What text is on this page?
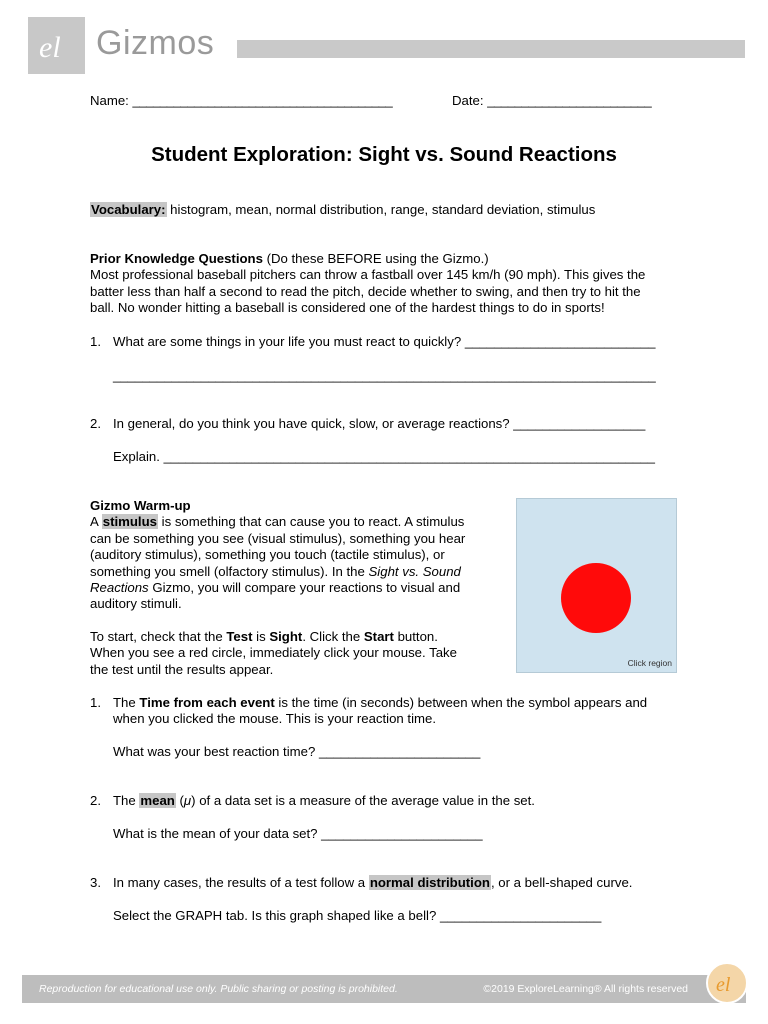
el Gizmos
Name: ______________________________________	Date: ________________________
Student Exploration: Sight vs. Sound Reactions
Vocabulary: histogram, mean, normal distribution, range, standard deviation, stimulus
Prior Knowledge Questions (Do these BEFORE using the Gizmo.)
Most professional baseball pitchers can throw a fastball over 145 km/h (90 mph). This gives the
batter less than half a second to read the pitch, decide whether to swing, and then try to hit the
ball. No wonder hitting a baseball is considered one of the hardest things to do in sports!
1. What are some things in your life you must react to quickly? __________________________
__________________________________________________________________________
2. In general, do you think you have quick, slow, or average reactions? __________________
Explain. ___________________________________________________________________
Gizmo Warm-up
A stimulus is something that can cause you to react. A stimulus
can be something you see (visual stimulus), something you hear
(auditory stimulus), something you touch (tactile stimulus), or
something you smell (olfactory stimulus). In the Sight vs. Sound
Reactions Gizmo, you will compare your reactions to visual and
auditory stimuli.
To start, check that the Test is Sight. Click the Start button.
When you see a red circle, immediately click your mouse. Take
the test until the results appear.	Click region
1. The Time from each event is the time (in seconds) between when the symbol appears and
when you clicked the mouse. This is your reaction time.
What was your best reaction time? ______________________
2. The mean (μ) of a data set is a measure of the average value in the set.
What is the mean of your data set? ______________________
3. In many cases, the results of a test follow a normal distribution, or a bell-shaped curve.
Select the GRAPH tab. Is this graph shaped like a bell? ______________________
Reproduction for educational use only. Public sharing or posting is prohibited.	©2019 ExploreLearning® All rights reserved el
